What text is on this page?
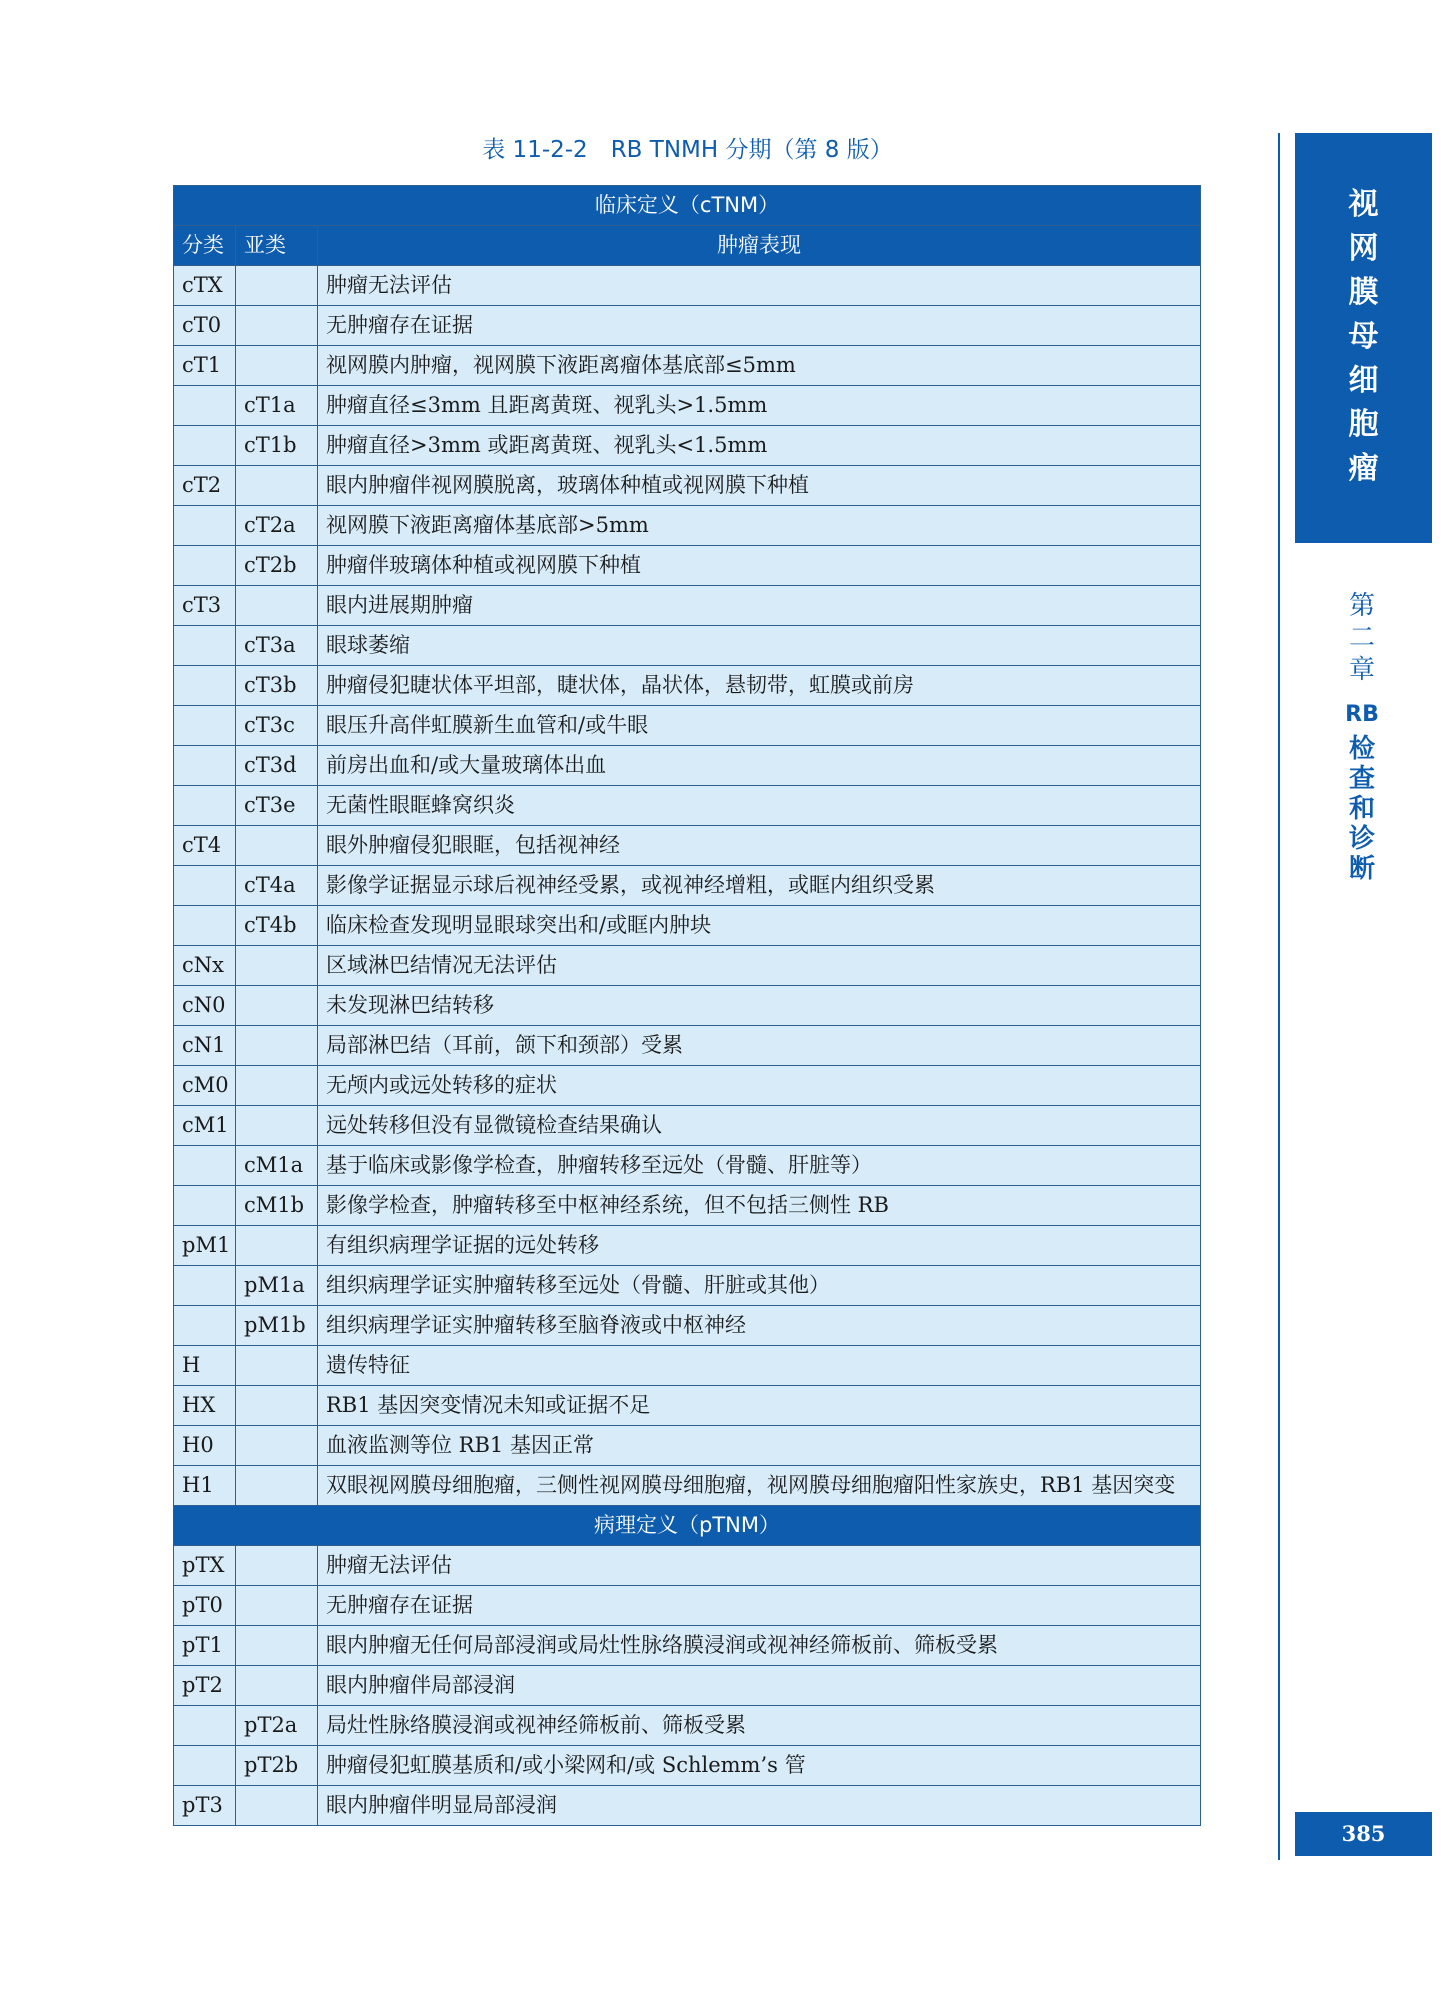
表 11-2-2　RB TNMH 分期（第 8 版）
临床定义（cTNM）		
分类	亚类	肿瘤表现
cTX		肿瘤无法评估
cT0		无肿瘤存在证据
cT1		视网膜内肿瘤，视网膜下液距离瘤体基底部≤5mm
	cT1a	肿瘤直径≤3mm 且距离黄斑、视乳头>1.5mm
	cT1b	肿瘤直径>3mm 或距离黄斑、视乳头<1.5mm
cT2		眼内肿瘤伴视网膜脱离，玻璃体种植或视网膜下种植
	cT2a	视网膜下液距离瘤体基底部>5mm
	cT2b	肿瘤伴玻璃体种植或视网膜下种植
cT3		眼内进展期肿瘤
	cT3a	眼球萎缩
	cT3b	肿瘤侵犯睫状体平坦部，睫状体，晶状体，悬韧带，虹膜或前房
	cT3c	眼压升高伴虹膜新生血管和/或牛眼
	cT3d	前房出血和/或大量玻璃体出血
	cT3e	无菌性眼眶蜂窝织炎
cT4		眼外肿瘤侵犯眼眶，包括视神经
	cT4a	影像学证据显示球后视神经受累，或视神经增粗，或眶内组织受累
	cT4b	临床检查发现明显眼球突出和/或眶内肿块
cNx		区域淋巴结情况无法评估
cN0		未发现淋巴结转移
cN1		局部淋巴结（耳前，颌下和颈部）受累
cM0		无颅内或远处转移的症状
cM1		远处转移但没有显微镜检查结果确认
	cM1a	基于临床或影像学检查，肿瘤转移至远处（骨髓、肝脏等）
	cM1b	影像学检查，肿瘤转移至中枢神经系统，但不包括三侧性 RB
pM1		有组织病理学证据的远处转移
	pM1a	组织病理学证实肿瘤转移至远处（骨髓、肝脏或其他）
	pM1b	组织病理学证实肿瘤转移至脑脊液或中枢神经
H		遗传特征
HX		RB1 基因突变情况未知或证据不足
H0		血液监测等位 RB1 基因正常
H1		双眼视网膜母细胞瘤，三侧性视网膜母细胞瘤，视网膜母细胞瘤阳性家族史，RB1 基因突变
病理定义（pTNM）		
pTX		肿瘤无法评估
pT0		无肿瘤存在证据
pT1		眼内肿瘤无任何局部浸润或局灶性脉络膜浸润或视神经筛板前、筛板受累
pT2		眼内肿瘤伴局部浸润
	pT2a	局灶性脉络膜浸润或视神经筛板前、筛板受累
	pT2b	肿瘤侵犯虹膜基质和/或小梁网和/或 Schlemm’s 管
pT3		眼内肿瘤伴明显局部浸润
视
网
膜
母
细
胞
瘤
第
二
章
RB
检
查
和
诊
断
385
